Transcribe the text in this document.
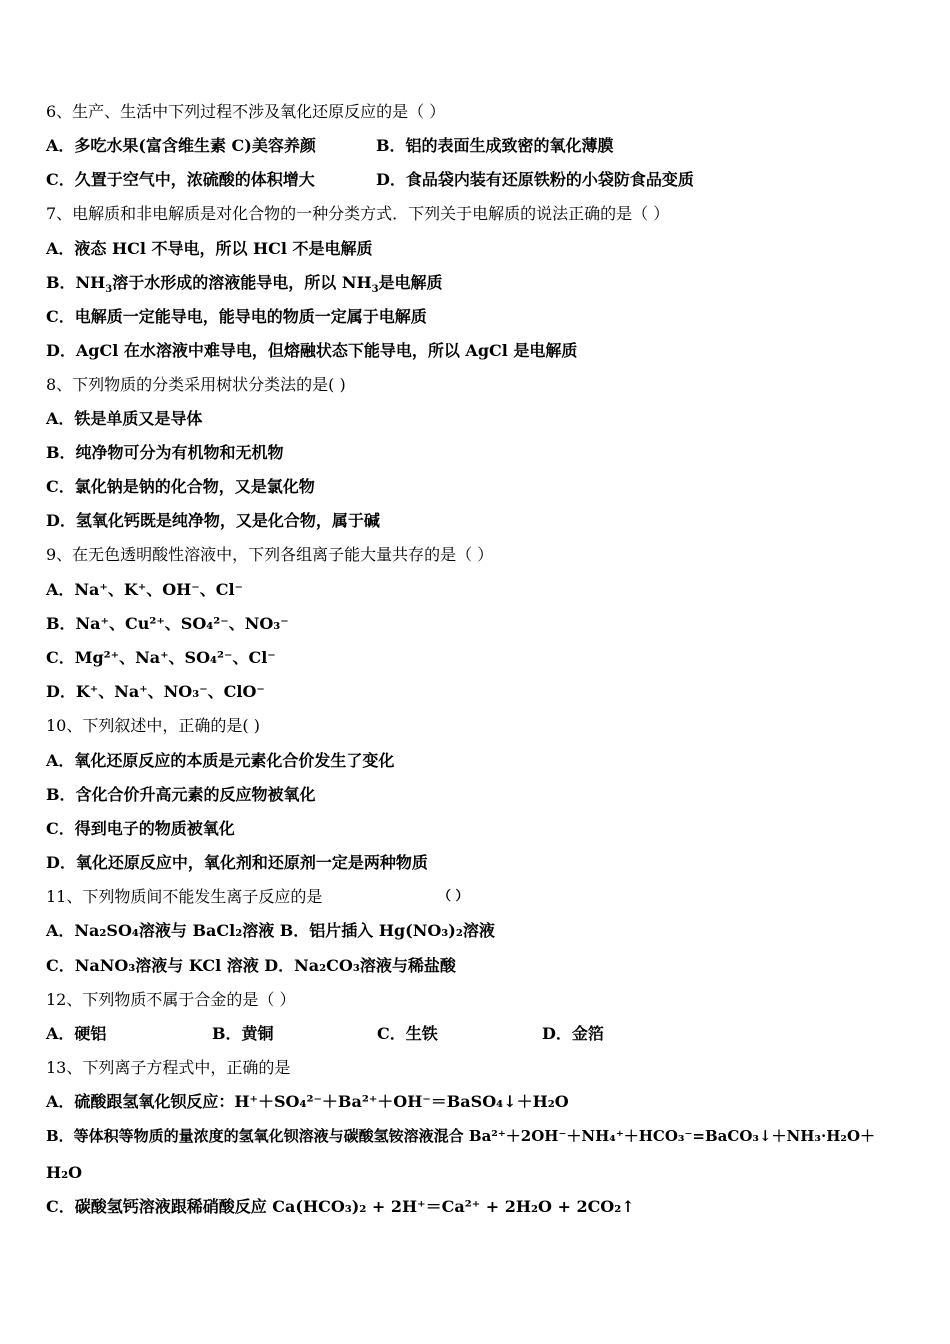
6、生产、生活中下列过程不涉及氧化还原反应的是（ ）
A．多吃水果(富含维生素 C)美容养颜	B．铝的表面生成致密的氧化薄膜
C．久置于空气中，浓硫酸的体积增大	D．食品袋内装有还原铁粉的小袋防食品变质
7、电解质和非电解质是对化合物的一种分类方式．下列关于电解质的说法正确的是（ ）
A．液态 HCl 不导电，所以 HCl 不是电解质
B．$NH_3$溶于水形成的溶液能导电，所以 $NH_3$是电解质
C．电解质一定能导电，能导电的物质一定属于电解质
D．AgCl 在水溶液中难导电，但熔融状态下能导电，所以 AgCl 是电解质
8、下列物质的分类采用树状分类法的是( )
A．铁是单质又是导体
B．纯净物可分为有机物和无机物
C．氯化钠是钠的化合物，又是氯化物
D．氢氧化钙既是纯净物，又是化合物，属于碱
9、在无色透明酸性溶液中，下列各组离子能大量共存的是（ ）
A．Na⁺、K⁺、OH⁻、Cl⁻
B．Na⁺、Cu²⁺、SO₄²⁻、NO₃⁻
C．Mg²⁺、Na⁺、SO₄²⁻、Cl⁻
D．K⁺、Na⁺、NO₃⁻、ClO⁻
10、下列叙述中，正确的是( )
A．氧化还原反应的本质是元素化合价发生了变化
B．含化合价升高元素的反应物被氧化
C．得到电子的物质被氧化
D．氧化还原反应中，氧化剂和还原剂一定是两种物质
11、下列物质间不能发生离子反应的是	（ ）
A．Na₂SO₄溶液与 BaCl₂溶液 B．铝片插入 Hg(NO₃)₂溶液
C．NaNO₃溶液与 KCl 溶液 D．Na₂CO₃溶液与稀盐酸
12、下列物质不属于合金的是（ ）
A．硬铝	B．黄铜	C．生铁	D．金箔
13、下列离子方程式中，正确的是
A．硫酸跟氢氧化钡反应：H⁺＋SO₄²⁻＋Ba²⁺＋OH⁻＝BaSO₄↓＋H₂O
B．等体积等物质的量浓度的氢氧化钡溶液与碳酸氢铵溶液混合 Ba²⁺＋2OH⁻＋NH₄⁺＋HCO₃⁻=BaCO₃↓＋NH₃·H₂O＋
H₂O
C．碳酸氢钙溶液跟稀硝酸反应 Ca(HCO₃)₂ + 2H⁺＝Ca²⁺ + 2H₂O + 2CO₂↑
